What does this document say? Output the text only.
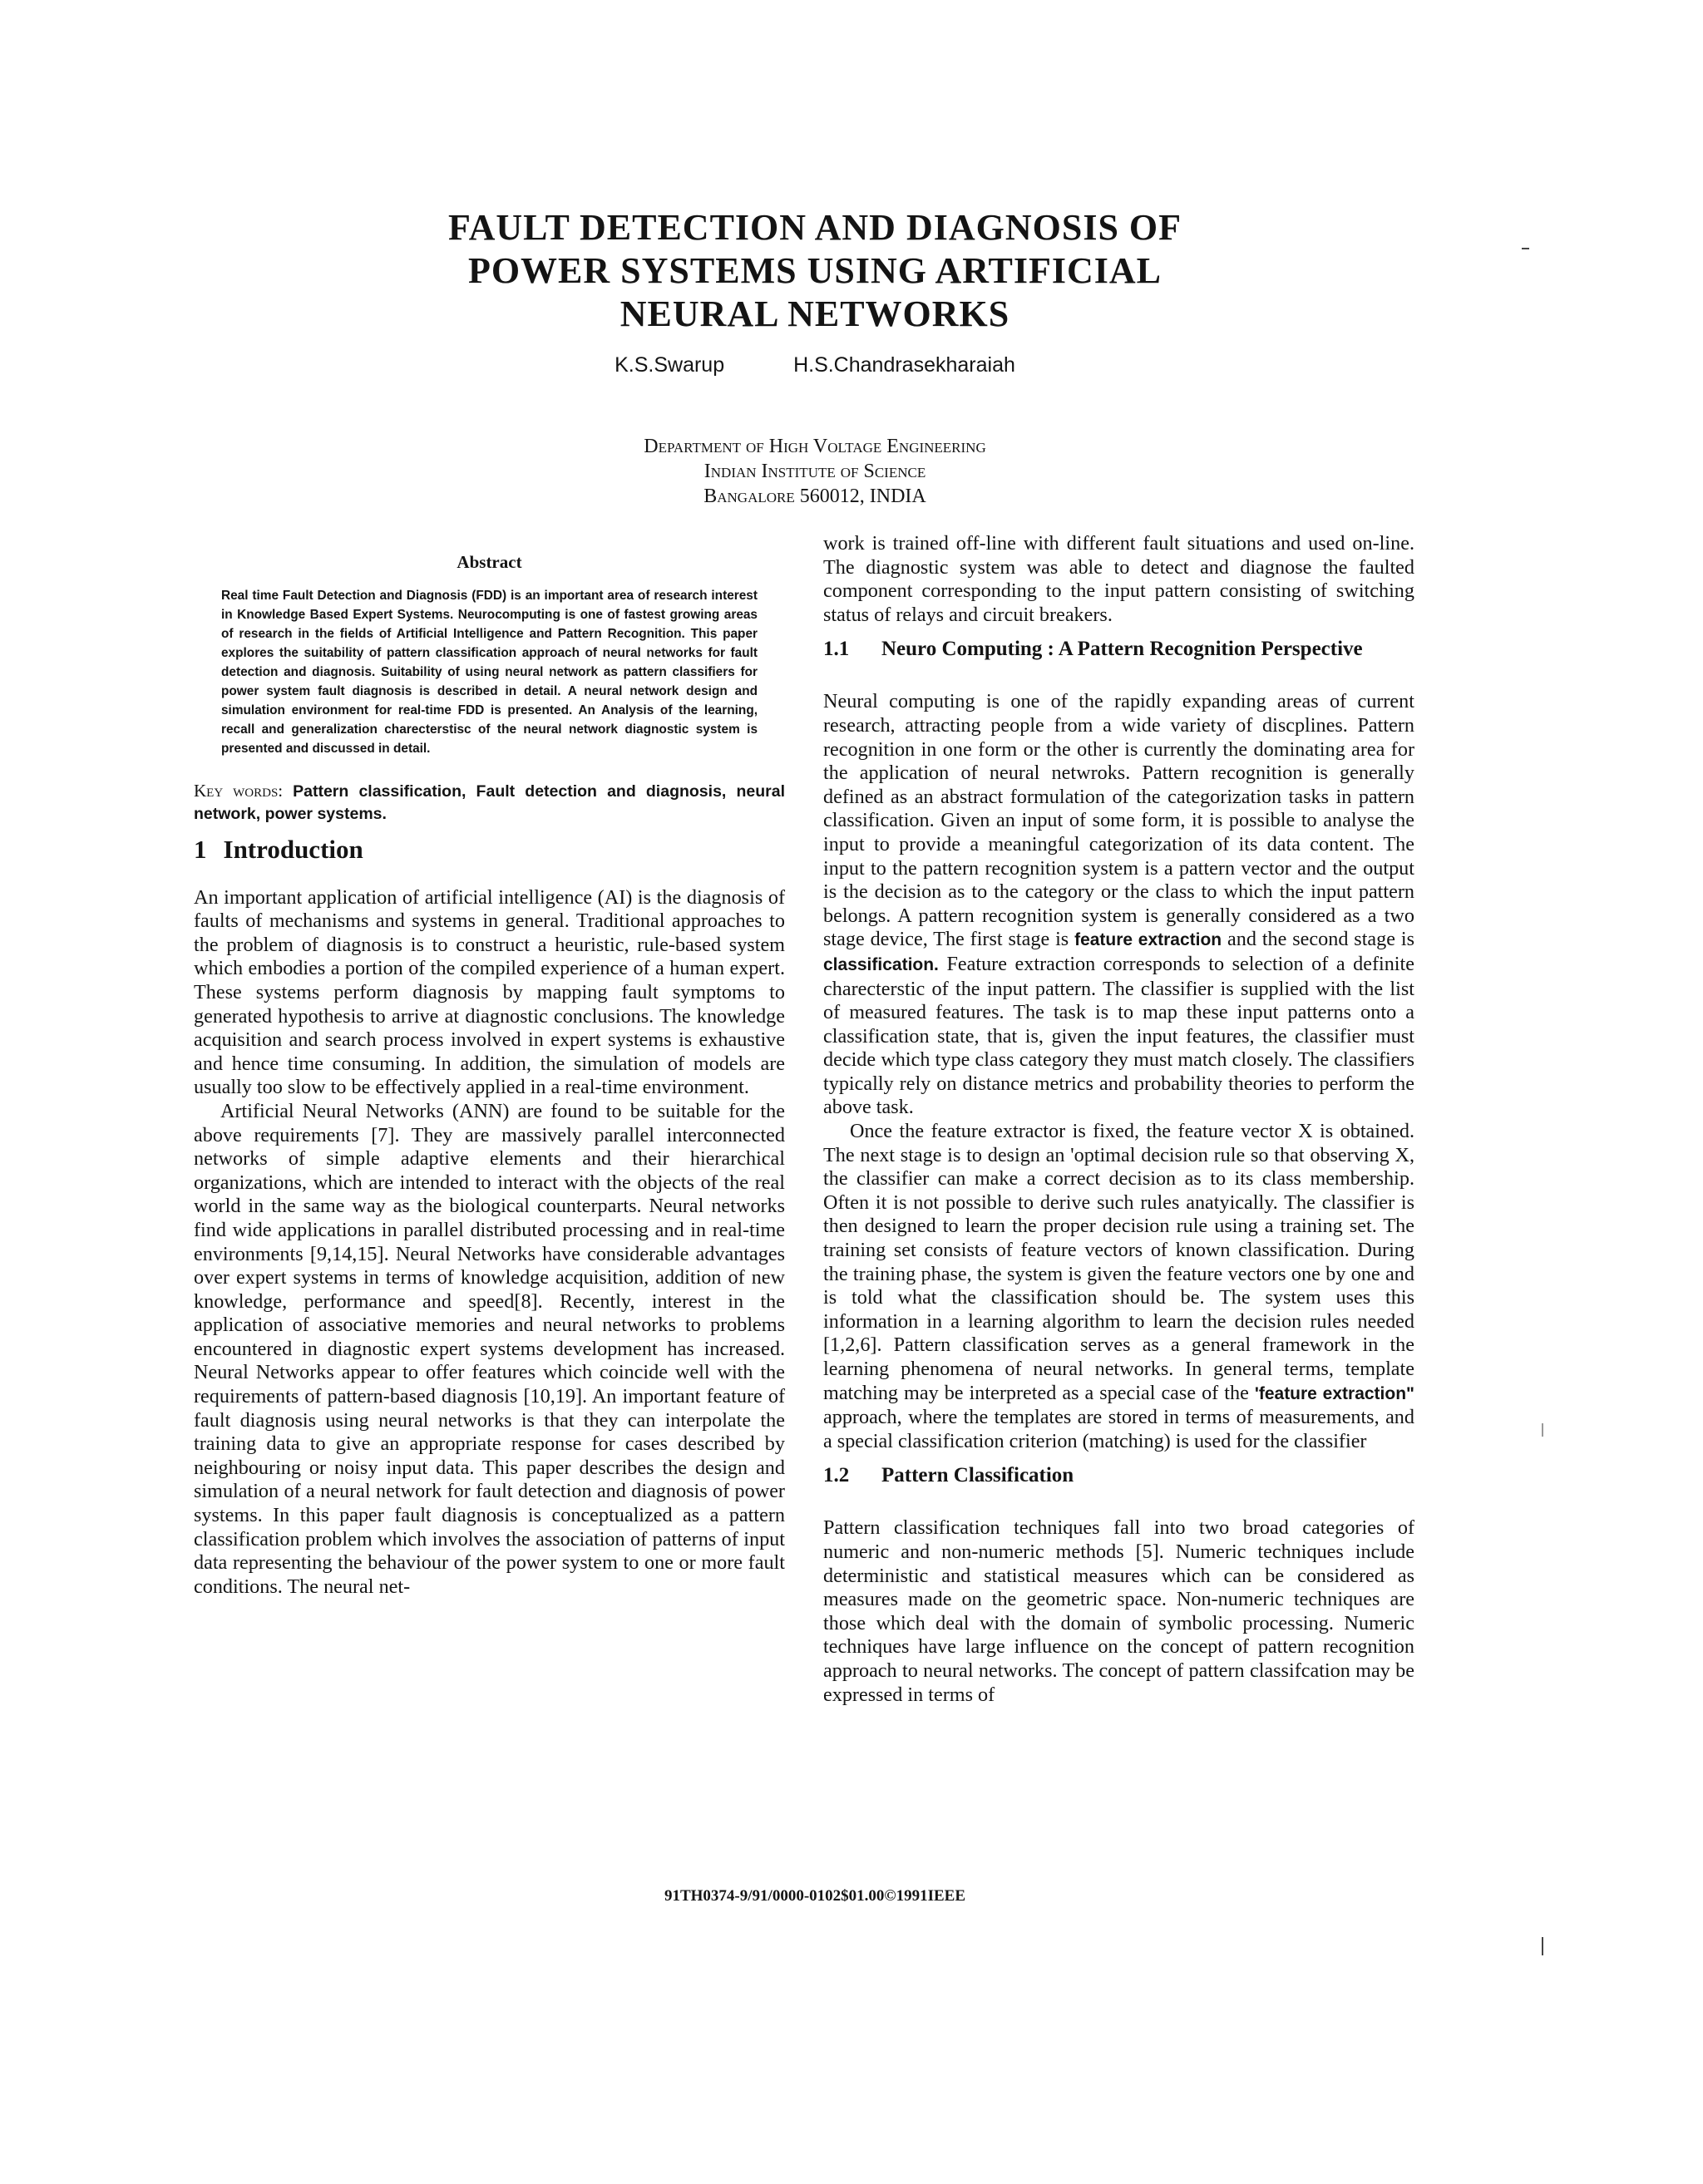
FAULT DETECTION AND DIAGNOSIS OF
POWER SYSTEMS USING ARTIFICIAL
NEURAL NETWORKS
K.S.Swarup	H.S.Chandrasekharaiah
Department of High Voltage Engineering
Indian Institute of Science
Bangalore 560012, INDIA
Abstract

Real time Fault Detection and Diagnosis (FDD) is an important area of research interest in Knowledge Based Expert Systems. Neurocomputing is one of fastest growing areas of research in the fields of Artificial Intelligence and Pattern Recognition. This paper explores the suitability of pattern classification approach of neural networks for fault detection and diagnosis. Suitability of using neural network as pattern classifiers for power system fault diagnosis is described in detail. A neural network design and simulation environment for real-time FDD is presented. An Analysis of the learning, recall and generalization charecterstisc of the neural network diagnostic system is presented and discussed in detail.

Key words: Pattern classification, Fault detection and diagnosis, neural network, power systems.

1 Introduction

An important application of artificial intelligence (AI) is the diagnosis of faults of mechanisms and systems in general. Traditional approaches to the problem of diagnosis is to construct a heuristic, rule-based system which embodies a portion of the compiled experience of a human expert. These systems perform diagnosis by mapping fault symptoms to generated hypothesis to arrive at diagnostic conclusions. The knowledge acquisition and search process involved in expert systems is exhaustive and hence time consuming. In addition, the simulation of models are usually too slow to be effectively applied in a real-time environment.

Artificial Neural Networks (ANN) are found to be suitable for the above requirements [7]. They are massively parallel interconnected networks of simple adaptive elements and their hierarchical organizations, which are intended to interact with the objects of the real world in the same way as the biological counterparts. Neural networks find wide applications in parallel distributed processing and in real-time environments [9,14,15]. Neural Networks have considerable advantages over expert systems in terms of knowledge acquisition, addition of new knowledge, performance and speed[8]. Recently, interest in the application of associative memories and neural networks to problems encountered in diagnostic expert systems development has increased. Neural Networks appear to offer features which coincide well with the requirements of pattern-based diagnosis [10,19]. An important feature of fault diagnosis using neural networks is that they can interpolate the training data to give an appropriate response for cases described by neighbouring or noisy input data. This paper describes the design and simulation of a neural network for fault detection and diagnosis of power systems. In this paper fault diagnosis is conceptualized as a pattern classification problem which involves the association of patterns of input data representing the behaviour of the power system to one or more fault conditions. The neural net-

work is trained off-line with different fault situations and used on-line. The diagnostic system was able to detect and diagnose the faulted component corresponding to the input pattern consisting of switching status of relays and circuit breakers.

1.1	Neuro Computing : A Pattern Recognition Perspective

Neural computing is one of the rapidly expanding areas of current research, attracting people from a wide variety of discplines. Pattern recognition in one form or the other is currently the dominating area for the application of neural netwroks. Pattern recognition is generally defined as an abstract formulation of the categorization tasks in pattern classification. Given an input of some form, it is possible to analyse the input to provide a meaningful categorization of its data content. The input to the pattern recognition system is a pattern vector and the output is the decision as to the category or the class to which the input pattern belongs. A pattern recognition system is generally considered as a two stage device, The first stage is feature extraction and the second stage is classification. Feature extraction corresponds to selection of a definite charecterstic of the input pattern. The classifier is supplied with the list of measured features. The task is to map these input patterns onto a classification state, that is, given the input features, the classifier must decide which type class category they must match closely. The classifiers typically rely on distance metrics and probability theories to perform the above task.

Once the feature extractor is fixed, the feature vector X is obtained. The next stage is to design an 'optimal decision rule so that observing X, the classifier can make a correct decision as to its class membership. Often it is not possible to derive such rules anatyically. The classifier is then designed to learn the proper decision rule using a training set. The training set consists of feature vectors of known classification. During the training phase, the system is given the feature vectors one by one and is told what the classification should be. The system uses this information in a learning algorithm to learn the decision rules needed [1,2,6]. Pattern classification serves as a general framework in the learning phenomena of neural networks. In general terms, template matching may be interpreted as a special case of the 'feature extraction" approach, where the templates are stored in terms of measurements, and a special classification criterion (matching) is used for the classifier

1.2	Pattern Classification

Pattern classification techniques fall into two broad categories of numeric and non-numeric methods [5]. Numeric techniques include deterministic and statistical measures which can be considered as measures made on the geometric space. Non-numeric techniques are those which deal with the domain of symbolic processing. Numeric techniques have large influence on the concept of pattern recognition approach to neural networks. The concept of pattern classifcation may be expressed in terms of

91TH0374-9/91/0000-0102$01.00©1991IEEE
